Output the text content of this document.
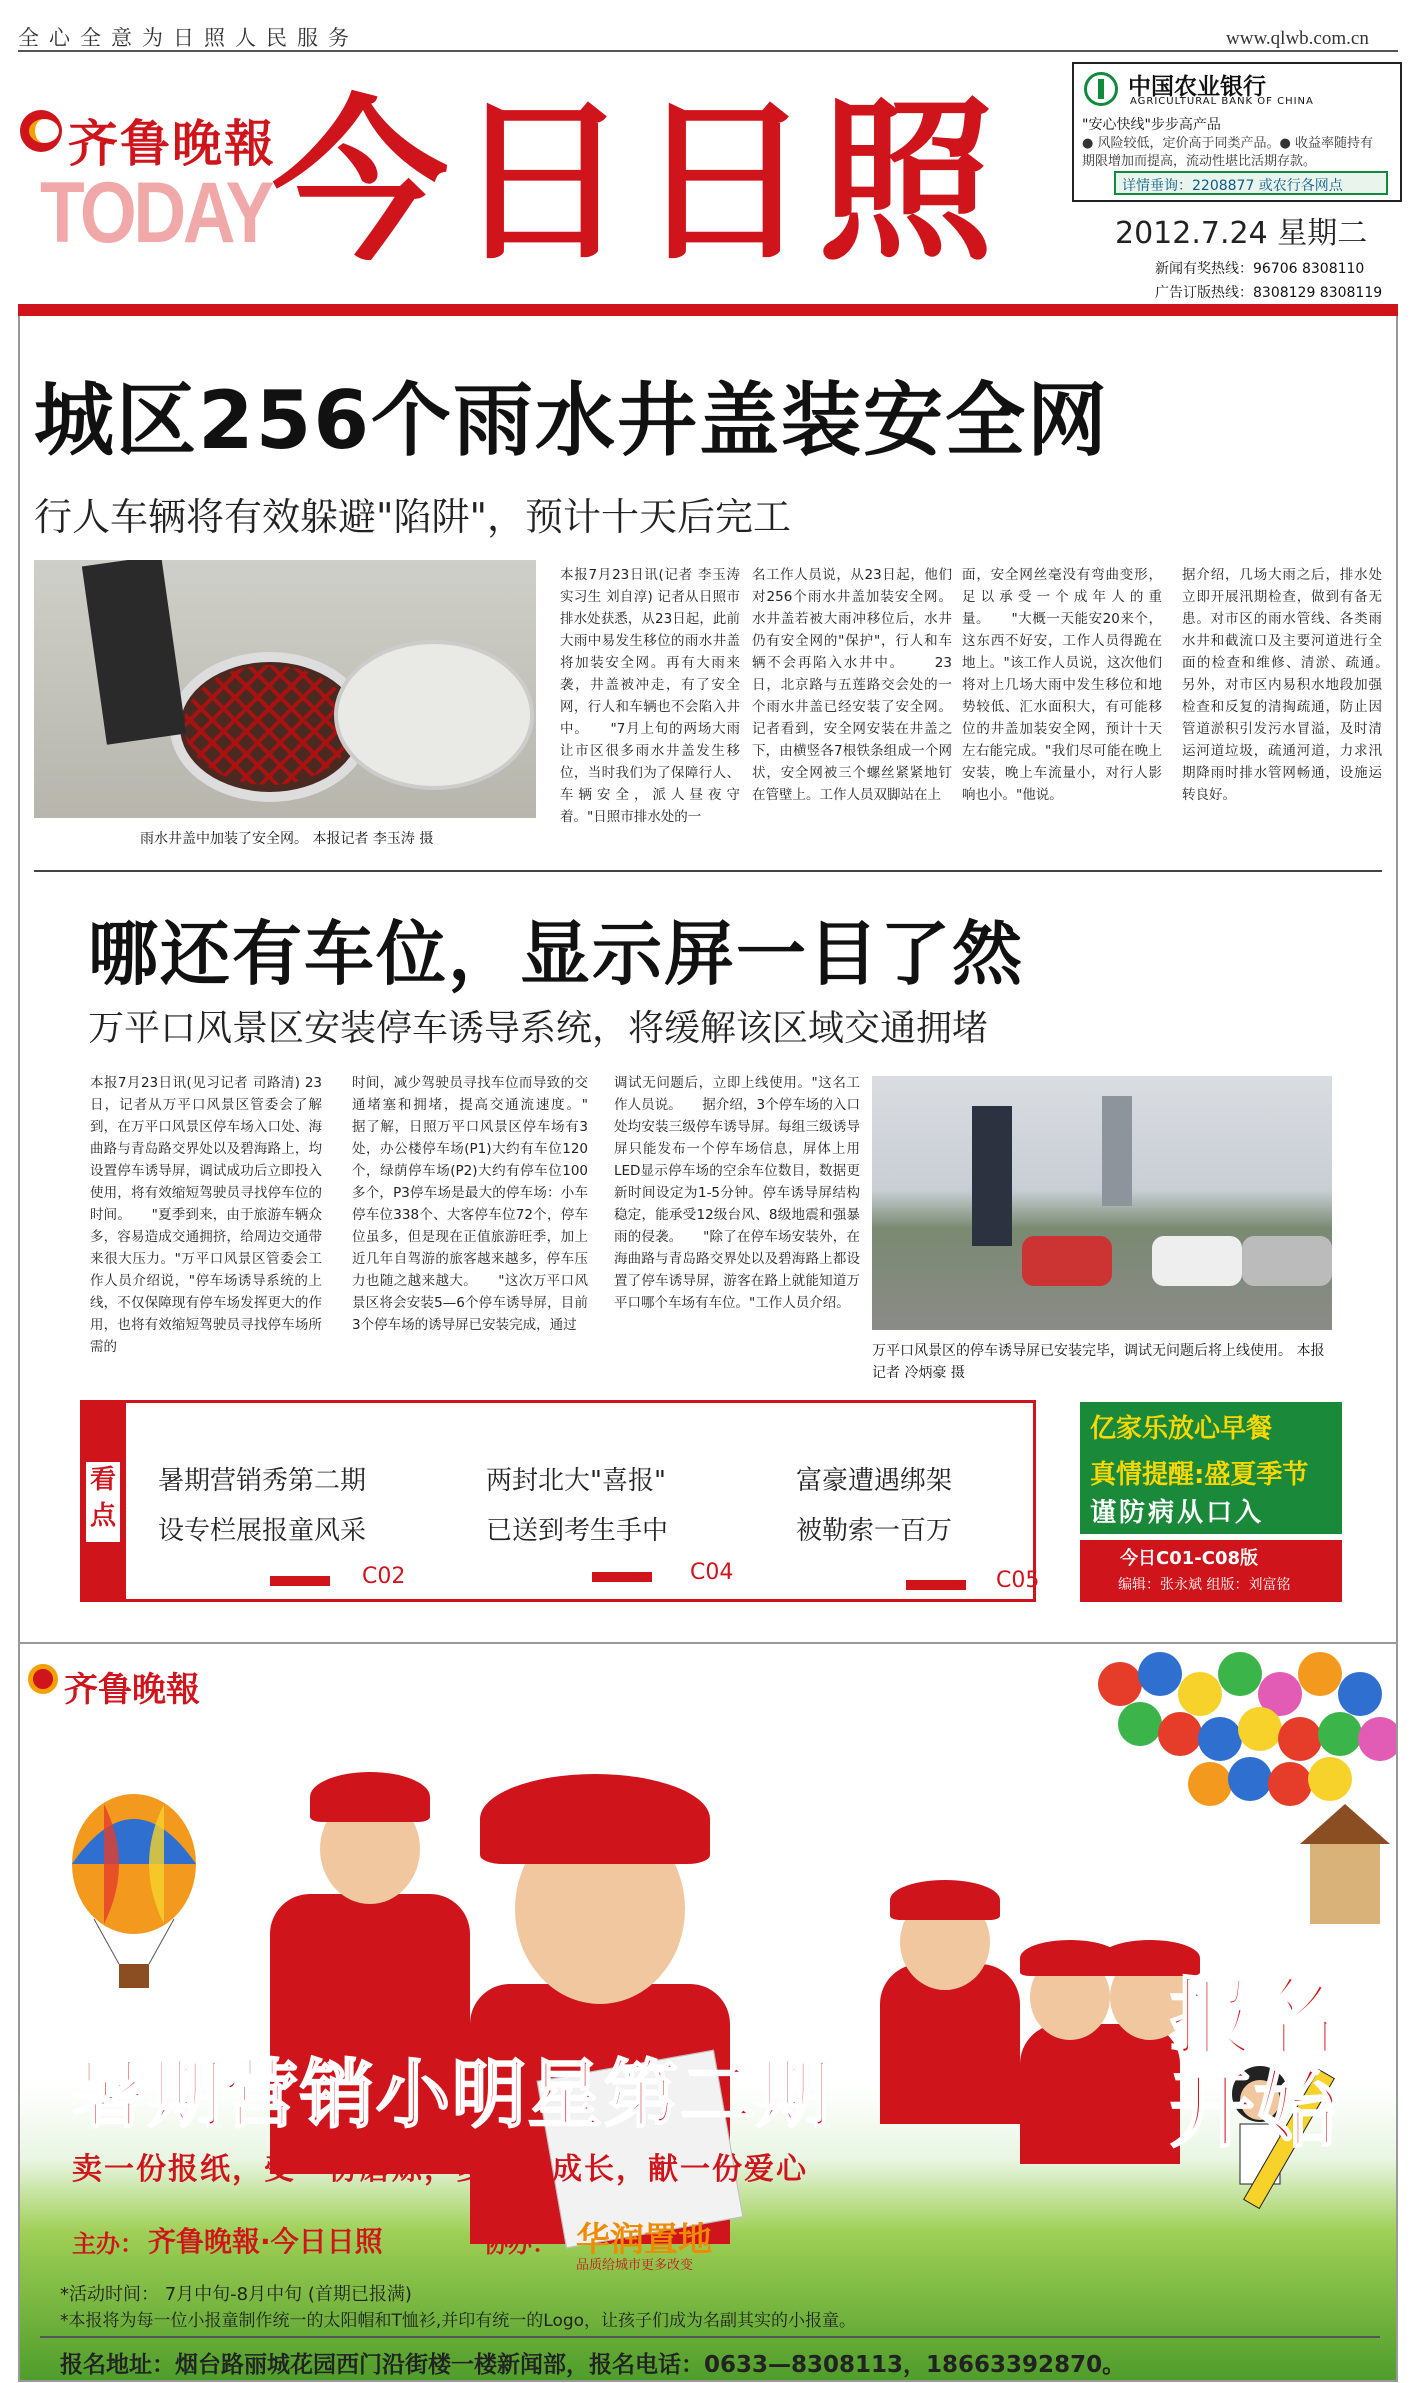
全心全意为日照人民服务	www.qlwb.com.cn
齐鲁晚報
TODAY 今日日照	中国农业银行
AGRICULTURAL BANK OF CHINA
"安心快线"步步高产品
● 风险较低，定价高于同类产品。● 收益率随持有
期限增加而提高，流动性堪比活期存款。
详情垂询：2208877 或农行各网点
2012.7.24 星期二
新闻有奖热线：96706 8308110
广告订版热线：8308129 8308119
城区256个雨水井盖装安全网
行人车辆将有效躲避"陷阱"，预计十天后完工
雨水井盖中加装了安全网。 本报记者 李玉涛 摄
本报7月23日讯(记者 李玉涛 实习生 刘自淳) 记者从日照市排水处获悉，从23日起，此前大雨中易发生移位的雨水井盖将加装安全网。再有大雨来袭，井盖被冲走，有了安全网，行人和车辆也不会陷入井中。　　"7月上旬的两场大雨让市区很多雨水井盖发生移位，当时我们为了保障行人、车辆安全，派人昼夜守着。"日照市排水处的一
名工作人员说，从23日起，他们对256个雨水井盖加装安全网。水井盖若被大雨冲移位后，水井仍有安全网的"保护"，行人和车辆不会再陷入水井中。　　 23日，北京路与五莲路交会处的一个雨水井盖已经安装了安全网。记者看到，安全网安装在井盖之下，由横竖各7根铁条组成一个网状，安全网被三个螺丝紧紧地钉在管壁上。工作人员双脚站在上
面，安全网丝毫没有弯曲变形，足以承受一个成年人的重量。　　"大概一天能安20来个，这东西不好安，工作人员得跪在地上。"该工作人员说，这次他们将对上几场大雨中发生移位和地势较低、汇水面积大，有可能移位的井盖加装安全网，预计十天左右能完成。"我们尽可能在晚上安装，晚上车流量小，对行人影响也小。"他说。
据介绍，几场大雨之后，排水处立即开展汛期检查，做到有备无患。对市区的雨水管线、各类雨水井和截流口及主要河道进行全面的检查和维修、清淤、疏通。　　另外，对市区内易积水地段加强检查和反复的清掏疏通，防止因管道淤积引发污水冒溢，及时清运河道垃圾，疏通河道，力求汛期降雨时排水管网畅通，设施运转良好。
哪还有车位，显示屏一目了然
万平口风景区安装停车诱导系统，将缓解该区域交通拥堵
本报7月23日讯(见习记者 司路清) 23日，记者从万平口风景区管委会了解到，在万平口风景区停车场入口处、海曲路与青岛路交界处以及碧海路上，均设置停车诱导屏，调试成功后立即投入使用，将有效缩短驾驶员寻找停车位的时间。　　"夏季到来，由于旅游车辆众多，容易造成交通拥挤，给周边交通带来很大压力。"万平口风景区管委会工作人员介绍说，"停车场诱导系统的上线，不仅保障现有停车场发挥更大的作用，也将有效缩短驾驶员寻找停车场所需的
时间，减少驾驶员寻找车位而导致的交通堵塞和拥堵，提高交通流速度。"　　据了解，日照万平口风景区停车场有3处，办公楼停车场(P1)大约有车位120个，绿荫停车场(P2)大约有停车位100多个，P3停车场是最大的停车场：小车停车位338个、大客停车位72个，停车位虽多，但是现在正值旅游旺季，加上近几年自驾游的旅客越来越多，停车压力也随之越来越大。　　"这次万平口风景区将会安装5—6个停车诱导屏，目前3个停车场的诱导屏已安装完成，通过
调试无问题后，立即上线使用。"这名工作人员说。　　据介绍，3个停车场的入口处均安装三级停车诱导屏。每组三级诱导屏只能发布一个停车场信息，屏体上用LED显示停车场的空余车位数目，数据更新时间设定为1-5分钟。停车诱导屏结构稳定，能承受12级台风、8级地震和强暴雨的侵袭。　　"除了在停车场安装外，在海曲路与青岛路交界处以及碧海路上都设置了停车诱导屏，游客在路上就能知道万平口哪个车场有车位。"工作人员介绍。
万平口风景区的停车诱导屏已安装完毕，调试无问题后将上线使用。 本报记者 冷炳豪 摄
看点
暑期营销秀第二期
设专栏展报童风采
C02
两封北大"喜报"
已送到考生手中
C04
富豪遭遇绑架
被勒索一百万
C05
亿家乐放心早餐
真情提醒:盛夏季节
谨防病从口入
今日C01-C08版
编辑：张永斌 组版：刘富铭
齐鲁晚報
暑期营销小明星第二期
报名开始
卖一份报纸，受一份磨炼，多一份成长，献一份爱心
主办： 齐鲁晚報·今日日照	协办： 华润置地
品质给城市更多改变
*活动时间： 7月中旬-8月中旬 (首期已报满)
*本报将为每一位小报童制作统一的太阳帽和T恤衫,并印有统一的Logo，让孩子们成为名副其实的小报童。
报名地址：烟台路丽城花园西门沿街楼一楼新闻部，报名电话：0633—8308113，18663392870。
